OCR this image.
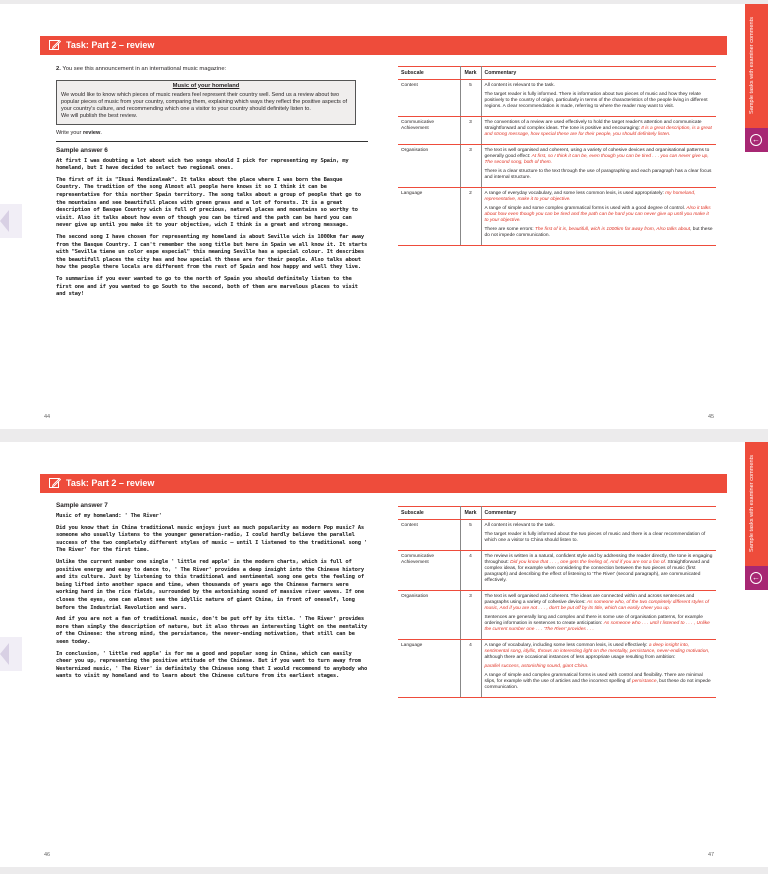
Task: Part 2 – review	Sample tasks with examiner comments
←
2. You see this announcement in an international music magazine:
Music of your homeland

We would like to know which pieces of music readers feel represent their country well. Send us a review about two popular pieces of music from your country, comparing them, explaining which ways they reflect the positive aspects of your country's culture, and recommending which one a visitor to your country should definitely listen to.

We will publish the best review.

Write your review.
Sample answer 6

At first I was doubting a lot about wich two songs should I pick for representing my Spain, my homeland, but I have decided to select two regional ones.

The first of it is "Ikusi Mendizaleak". It talks about the place where I was born the Basque Country. The tradition of the song Almost all people here knows it so I think it can be representative for this norther Spain territory. The song talks about a group of people that go to the mountains and see beautifull places with green grass and a lot of forests. It is a great description of Basque Country wich is full of precious, natural places and mountains so worthy to visit. Also it talks about how even of though you can be tired and the path can be hard you can never give up until you make it to your objective, wich I think is a great and strong message.

The second song I have chosen for representing my homeland is about Seville wich is 1000km far away from the Basque Country. I can't remember the song title but here in Spain we all know it. It starts with "Sevilla tiene un color espe especial" this meaning Seville has a special colour. It describes the beautifull places the city has and how special th these are for their people. Also talks about how the people there locals are different from the rest of Spain and how happy and well they live.

To summarise if you ever wanted to go to the north of Spain you should definitely listen to the first one and if you wanted to go South to the second, both of them are marvelous places to visit and stay!

Subscale	Mark	Commentary
Content	5	All content is relevant to the task.

The target reader is fully informed. There is information about two pieces of music and how they relate positively to the country of origin, particularly in terms of the characteristics of the people living in different regions. A clear recommendation is made, referring to where the reader may want to visit.

Communicative Achievement	3	The conventions of a review are used effectively to hold the target reader's attention and communicate straightforward and complex ideas. The tone is positive and encouraging: It is a great description, is a great and strong message, how special these are for their people, you should definitely listen.

Organisation	3	The text is well organised and coherent, using a variety of cohesive devices and organisational patterns to generally good effect: At first, so I think it can be, even though you can be tired . . . you can never give up, The second song, both of them.

There is a clear structure to the text through the use of paragraphing and each paragraph has a clear focus and internal structure.

Language	2	A range of everyday vocabulary, and some less common lexis, is used appropriately: my homeland, representative, make it to your objective.

A range of simple and some complex grammatical forms is used with a good degree of control. Also it talks about how even though you can be tired and the path can be hard you can never give up until you make it to your objective.

There are some errors: The first of it is, beautifull, wich is 1000km far away from, Also talks about, but these do not impede communication.

44	45
Task: Part 2 – review	Sample tasks with examiner comments
←
Sample answer 7

Music of my homeland: ' The River'

Did you know that in China traditional music enjoys just as much popularity as modern Pop music? As someone who usually listens to the younger generation-radio, I could hardly believe the parallel success of the two completely different styles of music – until I listened to the traditional song ' The River' for the first time.

Unlike the current number one single ' little red apple' in the modern charts, which is full of positive energy and easy to dance to, ' The River' provides a deep insight into the Chinese history and its culture. Just by listening to this traditional and sentimental song one gets the feeling of being lifted into another space and time, when thousands of years ago the Chinese farmers were working hard in the rice fields, surrounded by the astonishing sound of massive river waves. If one closes the eyes, one can almost see the idyllic nature of giant China, in front of oneself, long before the Industrial Revolution and wars.

And if you are not a fan of traditional music, don't be put off by its title. ' The River' provides more than simply the description of nature, but it also throws an interesting light on the mentality of the Chinese: the strong mind, the persistance, the never-ending motivation, that still can be seen today.

In conclusion, ' little red apple' is for me a good and popular song in China, which can easily cheer you up, representing the positive attitude of the Chinese. But if you want to turn away from Westernized music, ' The River' is definitely the Chinese song that I would recommend to anybody who wants to visit my homeland and to learn about the Chinese culture from its earliest stages.

Subscale	Mark	Commentary
Content	5	All content is relevant to the task.

The target reader is fully informed about the two pieces of music and there is a clear recommendation of which one a visitor to China should listen to.

Communicative Achievement	4	The review is written in a natural, confident style and by addressing the reader directly, the tone is engaging throughout: Did you know that . . . , one gets the feeling of, And if you are not a fan of. Straightforward and complex ideas, for example when considering the connection between the two pieces of music (first paragraph) and describing the effect of listening to 'The River' (second paragraph), are communicated effectively.

Organisation	3	The text is well organised and coherent. The ideas are connected within and across sentences and paragraphs using a variety of cohesive devices: As someone who, of the two completely different styles of music, And if you are not . . . , don't be put off by its title, which can easily cheer you up.

Sentences are generally long and complex and there is some use of organisation patterns, for example ordering information in sentences to create anticipation: As someone who . . . until I listened to . . . , Unlike the current number one . . . 'The River' provides . . .

Language	4	A range of vocabulary, including some less common lexis, is used effectively: a deep insight into, sentimental song, idyllic, throws an interesting light on the mentality, persistance, never-ending motivation, although there are occasional instances of less appropriate usage resulting from ambition:

parallel success, astonishing sound, giant China.

A range of simple and complex grammatical forms is used with control and flexibility. There are minimal slips, for example with the use of articles and the incorrect spelling of persistance, but these do not impede communication.

46	47
